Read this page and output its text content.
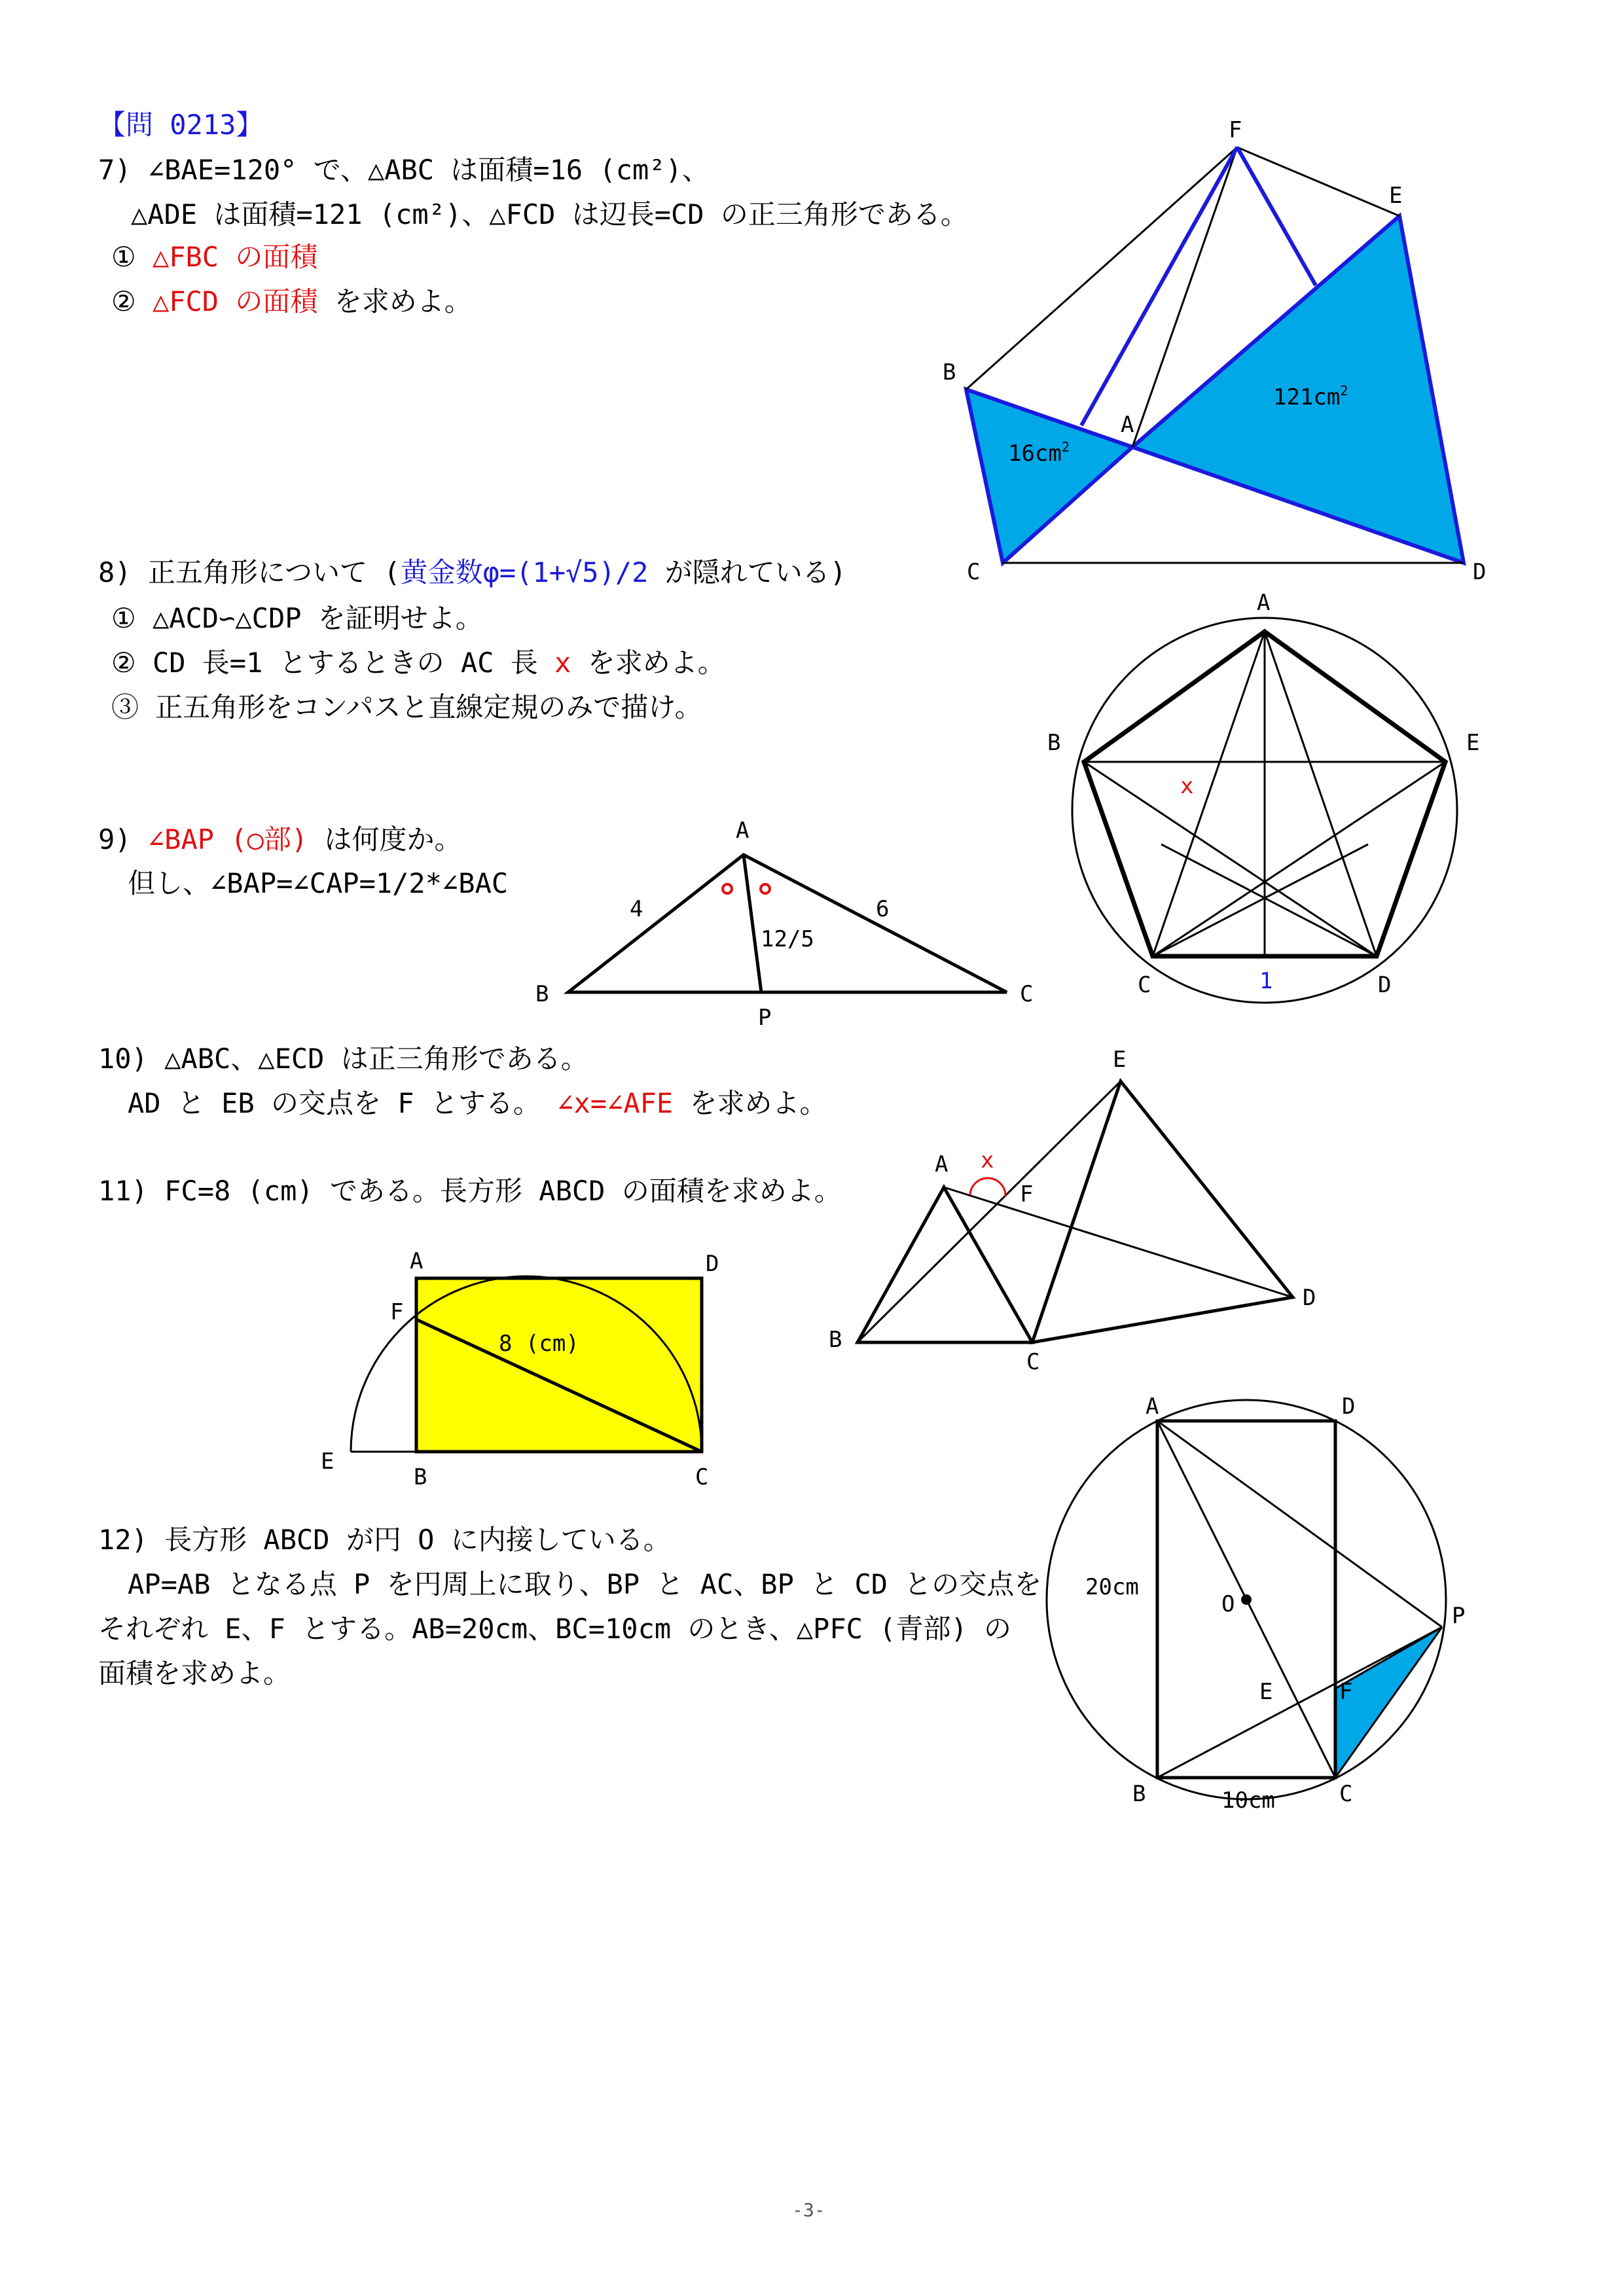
【問 0213】
7) ∠BAE=120° で、△ABC は面積=16 (cm²)、
△ADE は面積=121 (cm²)、△FCD は辺長=CD の正三角形である。
① △FBC の面積
② △FCD の面積 を求めよ。
8) 正五角形について (黄金数φ=(1+√5)/2 が隠れている)
① △ACD∽△CDP を証明せよ。
② CD 長=1 とするときの AC 長 x を求めよ。
③ 正五角形をコンパスと直線定規のみで描け。
9) ∠BAP (○部) は何度か。
但し、∠BAP=∠CAP=1/2*∠BAC
10) △ABC、△ECD は正三角形である。
AD と EB の交点を F とする。 ∠x=∠AFE を求めよ。
11) FC=8 (cm) である。長方形 ABCD の面積を求めよ。
12) 長方形 ABCD が円 O に内接している。
AP=AB となる点 P を円周上に取り、BP と AC、BP と CD との交点を
それぞれ E、F とする。AB=20cm、BC=10cm のとき、△PFC (青部) の
面積を求めよ。
-3-
F
E
B
A
C	D
$16cm^2$
$121cm^2$
A
B	E
C	D
x
1
A
B	C
P
4	6
12/5
E
A
F
D
B
C
x
A	D
F
E
B	C
8 (cm)
A	D
O	P
E	F
B	C
20cm
10cm
